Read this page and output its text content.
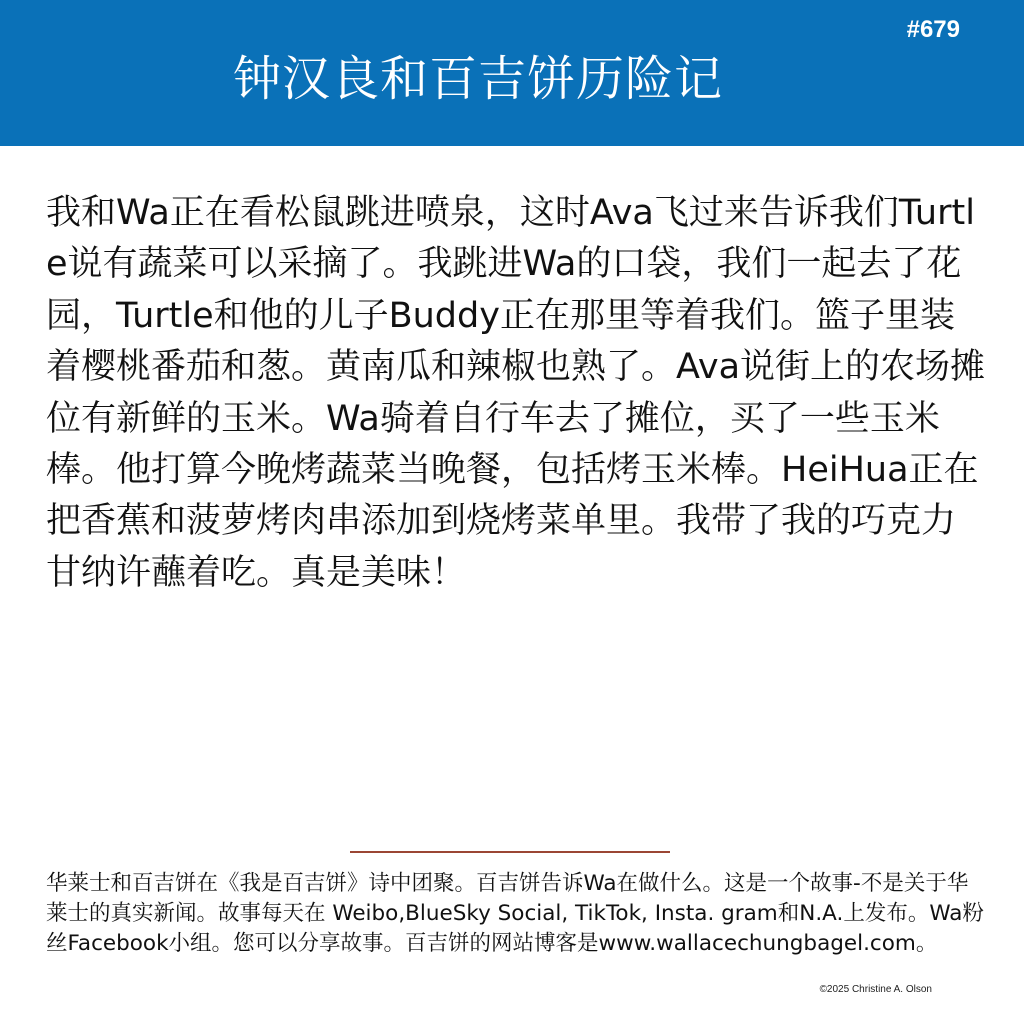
#679
钟汉良和百吉饼历险记
我和Wa正在看松鼠跳进喷泉，这时Ava飞过来告诉我们Turtle说有蔬菜可以采摘了。我跳进Wa的口袋，我们一起去了花园，Turtle和他的儿子Buddy正在那里等着我们。篮子里装着樱桃番茄和葱。黄南瓜和辣椒也熟了。Ava说街上的农场摊位有新鲜的玉米。Wa骑着自行车去了摊位，买了一些玉米棒。他打算今晚烤蔬菜当晚餐，包括烤玉米棒。HeiHua正在把香蕉和菠萝烤肉串添加到烧烤菜单里。我带了我的巧克力甘纳许蘸着吃。真是美味！
华莱士和百吉饼在《我是百吉饼》诗中团聚。百吉饼告诉Wa在做什么。这是一个故事-不是关于华莱士的真实新闻。故事每天在 Weibo,BlueSky Social, TikTok, Insta. gram和N.A.上发布。Wa粉丝Facebook小组。您可以分享故事。百吉饼的网站博客是www.wallacechungbagel.com。
©2025 Christine A. Olson
